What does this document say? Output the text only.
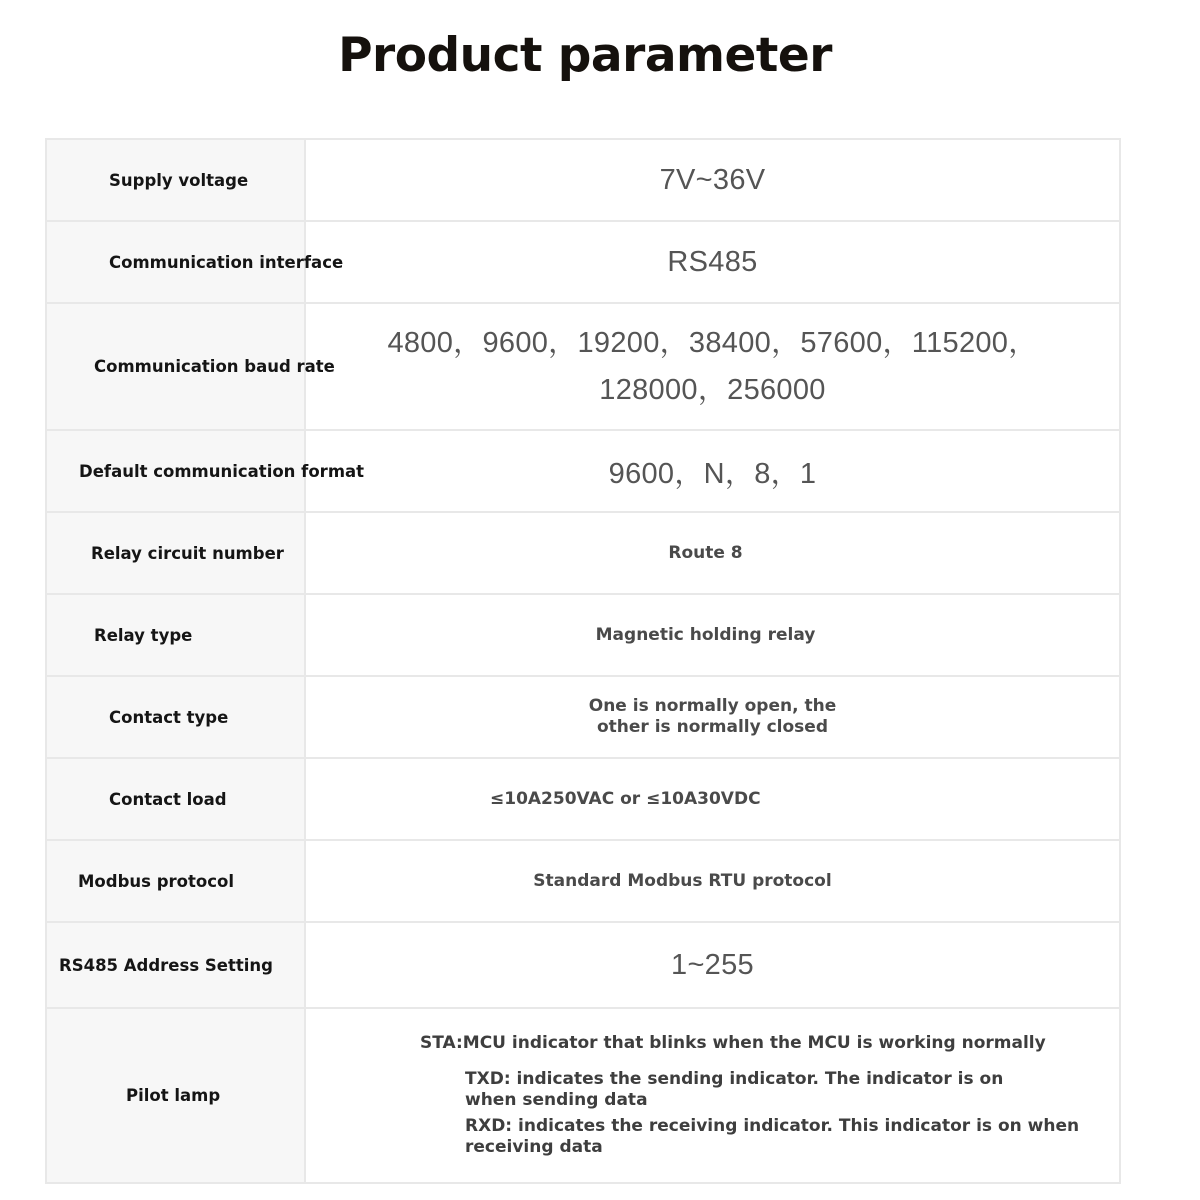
Product parameter
Supply voltage	7V~36V

Communication interface	RS485

Communication baud rate	4800，9600，19200，38400，57600，115200，
128000，256000

Default communication format	9600，N，8，1

Relay circuit number	Route 8

Relay type	Magnetic holding relay

Contact type	One is normally open, the
other is normally closed

Contact load	≤10A250VAC or ≤10A30VDC

Modbus protocol	Standard Modbus RTU protocol

RS485 Address Setting	1~255

Pilot lamp	STA:MCU indicator that blinks when the MCU is working normally
TXD: indicates the sending indicator. The indicator is on
when sending data
RXD: indicates the receiving indicator. This indicator is on when
receiving data
